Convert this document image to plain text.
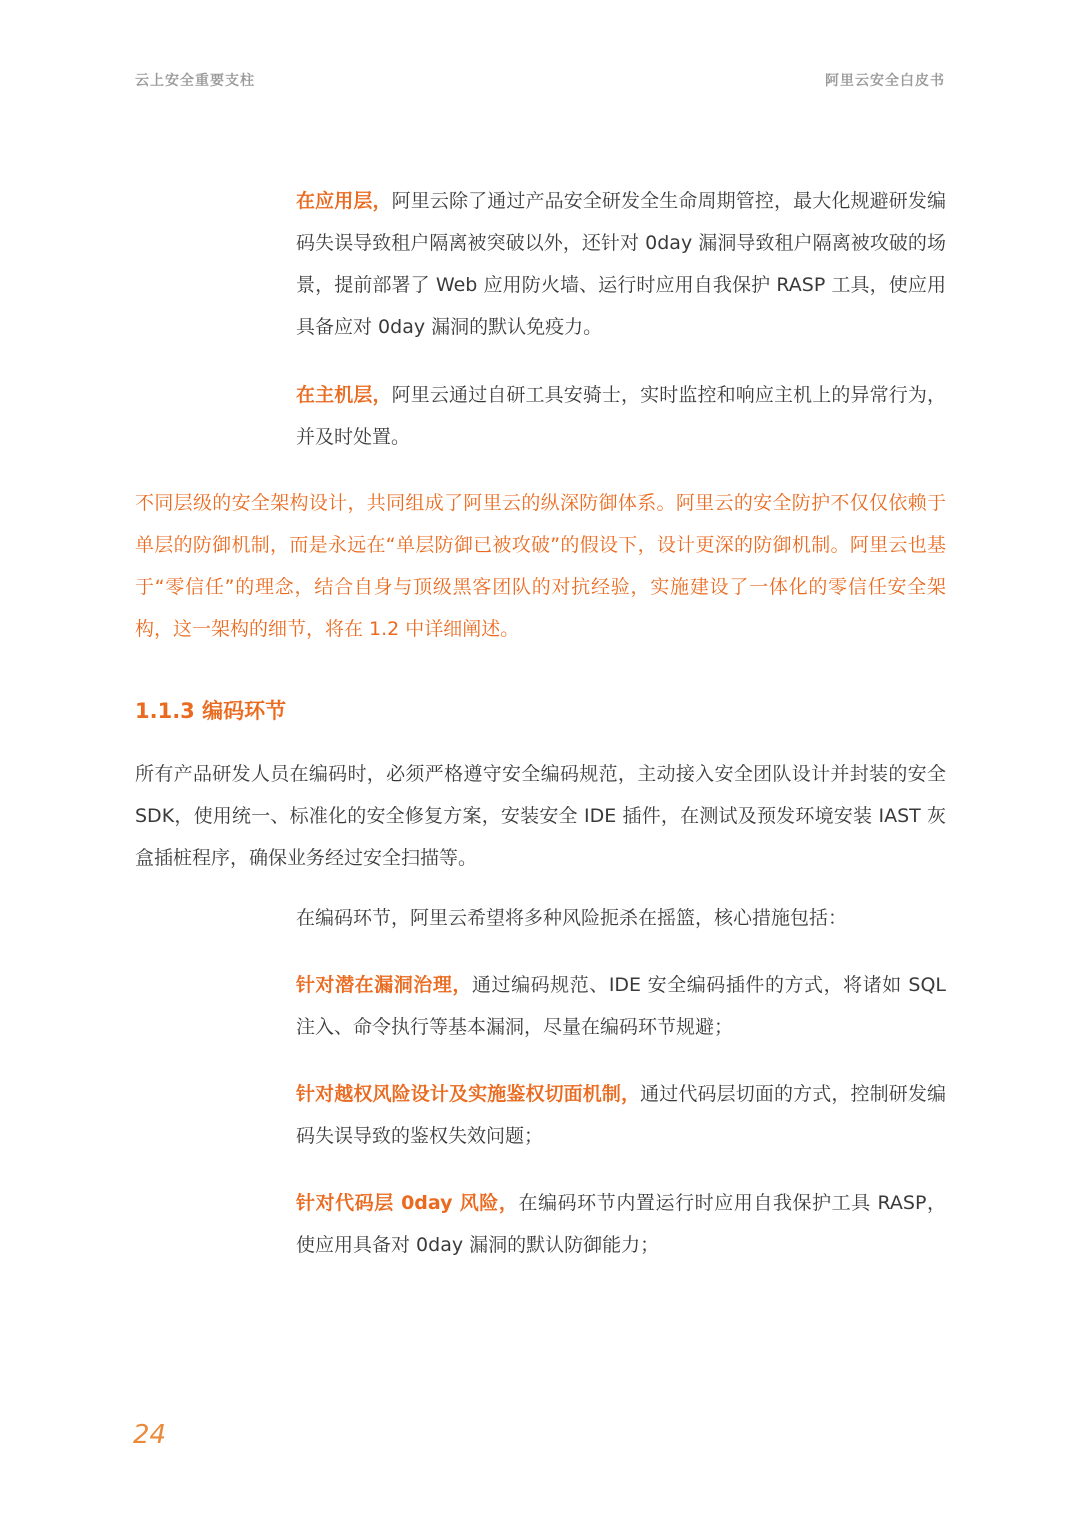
云上安全重要支柱	阿里云安全白皮书

在应用层，阿里云除了通过产品安全研发全生命周期管控，最大化规避研发编码失误导致租户隔离被突破以外，还针对 0day 漏洞导致租户隔离被攻破的场景，提前部署了 Web 应用防火墙、运行时应用自我保护 RASP 工具，使应用具备应对 0day 漏洞的默认免疫力。

在主机层，阿里云通过自研工具安骑士，实时监控和响应主机上的异常行为，并及时处置。

不同层级的安全架构设计，共同组成了阿里云的纵深防御体系。阿里云的安全防护不仅仅依赖于单层的防御机制，而是永远在“单层防御已被攻破”的假设下，设计更深的防御机制。阿里云也基于“零信任”的理念，结合自身与顶级黑客团队的对抗经验，实施建设了一体化的零信任安全架构，这一架构的细节，将在 1.2 中详细阐述。

1.1.3 编码环节

所有产品研发人员在编码时，必须严格遵守安全编码规范，主动接入安全团队设计并封装的安全 SDK，使用统一、标准化的安全修复方案，安装安全 IDE 插件，在测试及预发环境安装 IAST 灰盒插桩程序，确保业务经过安全扫描等。

在编码环节，阿里云希望将多种风险扼杀在摇篮，核心措施包括：

针对潜在漏洞治理，通过编码规范、IDE 安全编码插件的方式，将诸如 SQL 注入、命令执行等基本漏洞，尽量在编码环节规避；

针对越权风险设计及实施鉴权切面机制，通过代码层切面的方式，控制研发编码失误导致的鉴权失效问题；

针对代码层 0day 风险，在编码环节内置运行时应用自我保护工具 RASP，使应用具备对 0day 漏洞的默认防御能力；

24
